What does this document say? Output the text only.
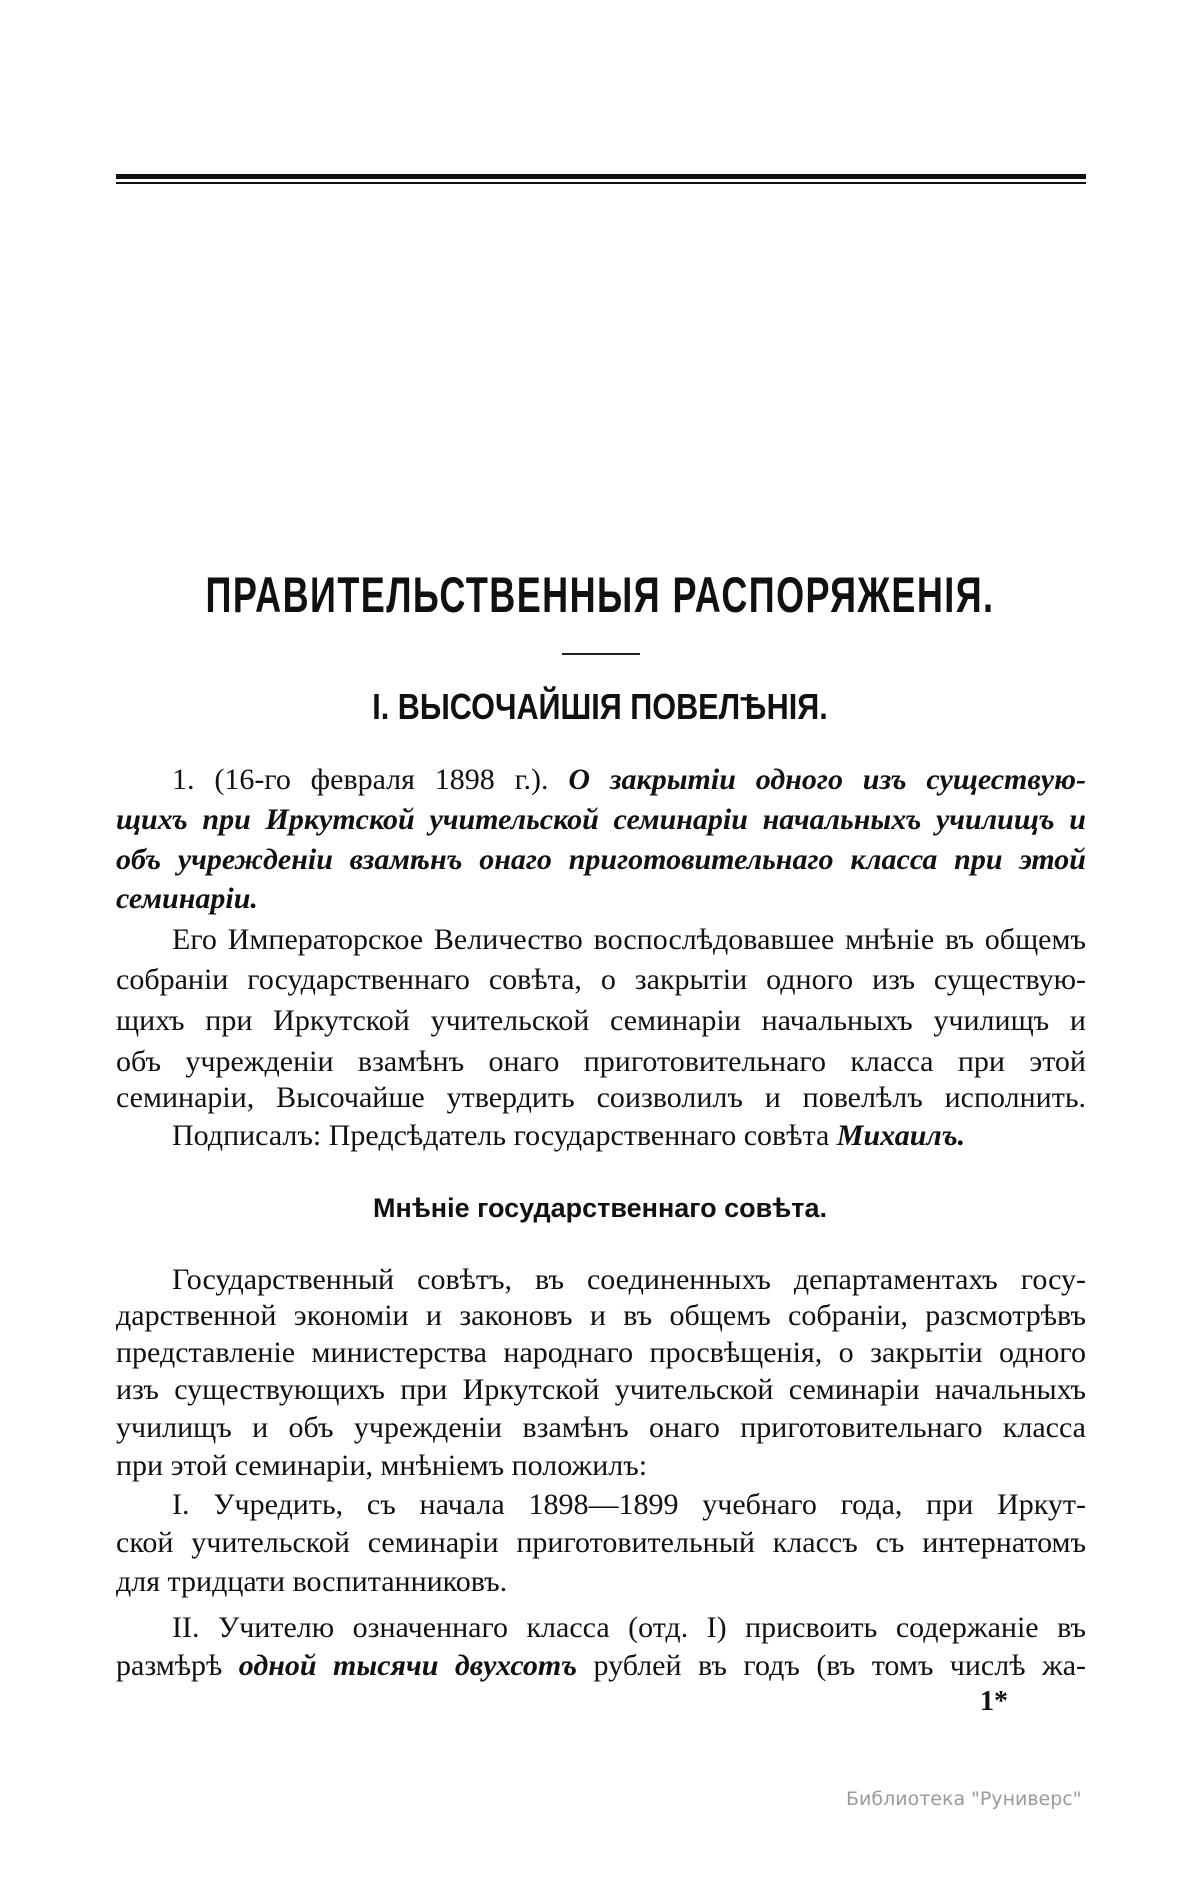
ПРАВИТЕЛЬСТВЕННЫЯ РАСПОРЯЖЕНІЯ.
I. ВЫСОЧАЙШІЯ ПОВЕЛѢНІЯ.
Мнѣніе государственнаго совѣта.
1. (16-го февраля 1898 г.). О закрытіи одного изъ существую-
щихъ при Иркутской учительской семинаріи начальныхъ училищъ и
объ учрежденіи взамѣнъ онаго приготовительнаго класса при этой
семинаріи.
Его Императорское Величество воспослѣдовавшее мнѣніе въ общемъ
собраніи государственнаго совѣта, о закрытіи одного изъ существую-
щихъ при Иркутской учительской семинаріи начальныхъ училищъ и
объ учрежденіи взамѣнъ онаго приготовительнаго класса при этой
семинаріи, Высочайше утвердить соизволилъ и повелѣлъ исполнить.
Подписалъ: Предсѣдатель государственнаго совѣта Михаилъ.
Государственный совѣтъ, въ соединенныхъ департаментахъ госу-
дарственной экономіи и законовъ и въ общемъ собраніи, разсмотрѣвъ
представленіе министерства народнаго просвѣщенія, о закрытіи одного
изъ существующихъ при Иркутской учительской семинаріи начальныхъ
училищъ и объ учрежденіи взамѣнъ онаго приготовительнаго класса
при этой семинаріи, мнѣніемъ положилъ:
I. Учредить, съ начала 1898—1899 учебнаго года, при Иркут-
ской учительской семинаріи приготовительный классъ съ интернатомъ
для тридцати воспитанниковъ.
II. Учителю означеннаго класса (отд. I) присвоить содержаніе въ
размѣрѣ одной тысячи двухсотъ рублей въ годъ (въ томъ числѣ жа-
1*
Библиотека "Руниверс"
